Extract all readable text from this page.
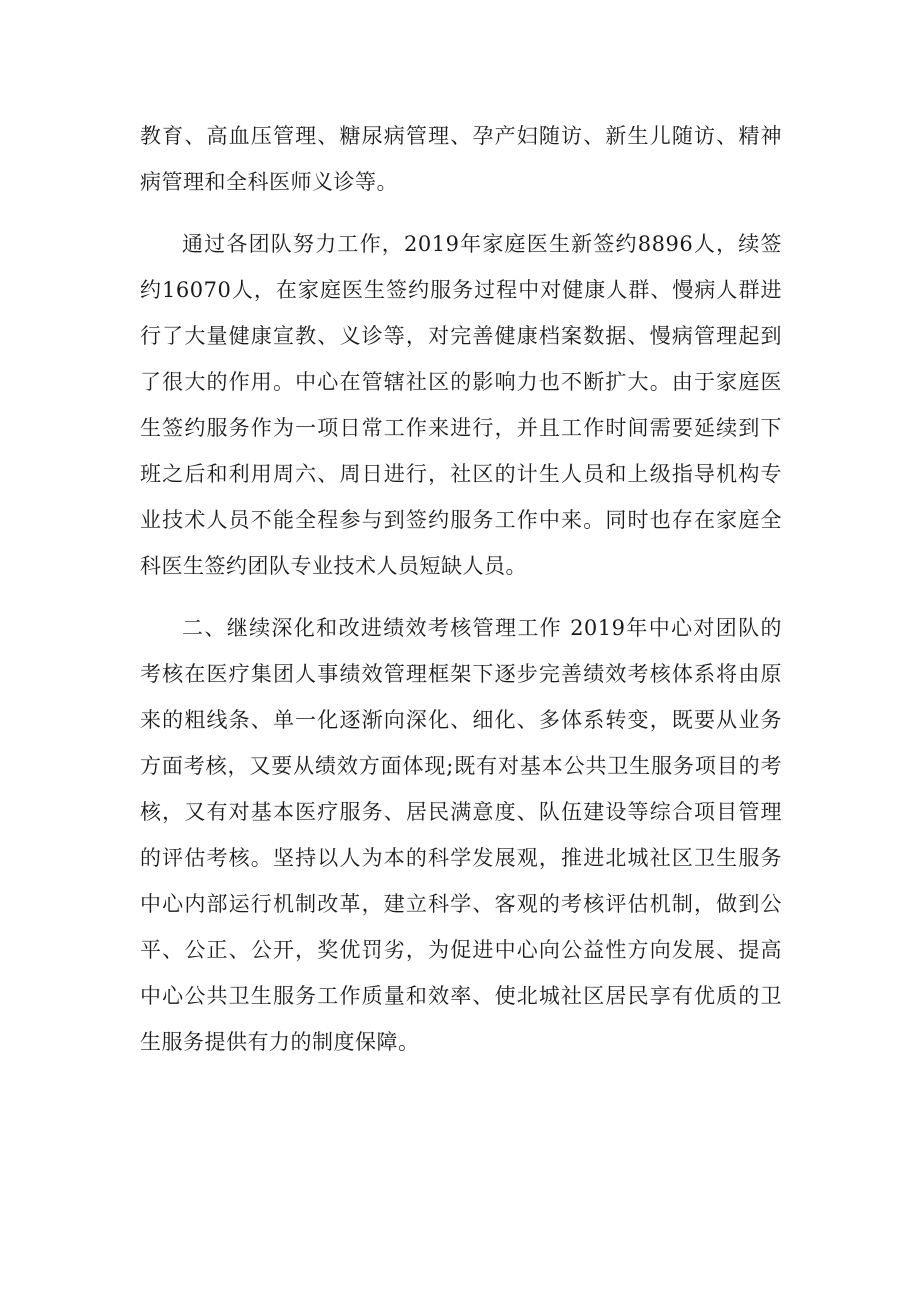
教育、高血压管理、糖尿病管理、孕产妇随访、新生儿随访、精神病管理和全科医师义诊等。

通过各团队努力工作，2019年家庭医生新签约8896人，续签约16070人，在家庭医生签约服务过程中对健康人群、慢病人群进行了大量健康宣教、义诊等，对完善健康档案数据、慢病管理起到了很大的作用。中心在管辖社区的影响力也不断扩大。由于家庭医生签约服务作为一项日常工作来进行，并且工作时间需要延续到下班之后和利用周六、周日进行，社区的计生人员和上级指导机构专业技术人员不能全程参与到签约服务工作中来。同时也存在家庭全科医生签约团队专业技术人员短缺人员。

二、继续深化和改进绩效考核管理工作 2019年中心对团队的考核在医疗集团人事绩效管理框架下逐步完善绩效考核体系将由原来的粗线条、单一化逐渐向深化、细化、多体系转变，既要从业务方面考核，又要从绩效方面体现;既有对基本公共卫生服务项目的考核，又有对基本医疗服务、居民满意度、队伍建设等综合项目管理的评估考核。坚持以人为本的科学发展观，推进北城社区卫生服务中心内部运行机制改革，建立科学、客观的考核评估机制，做到公平、公正、公开，奖优罚劣，为促进中心向公益性方向发展、提高中心公共卫生服务工作质量和效率、使北城社区居民享有优质的卫生服务提供有力的制度保障。
